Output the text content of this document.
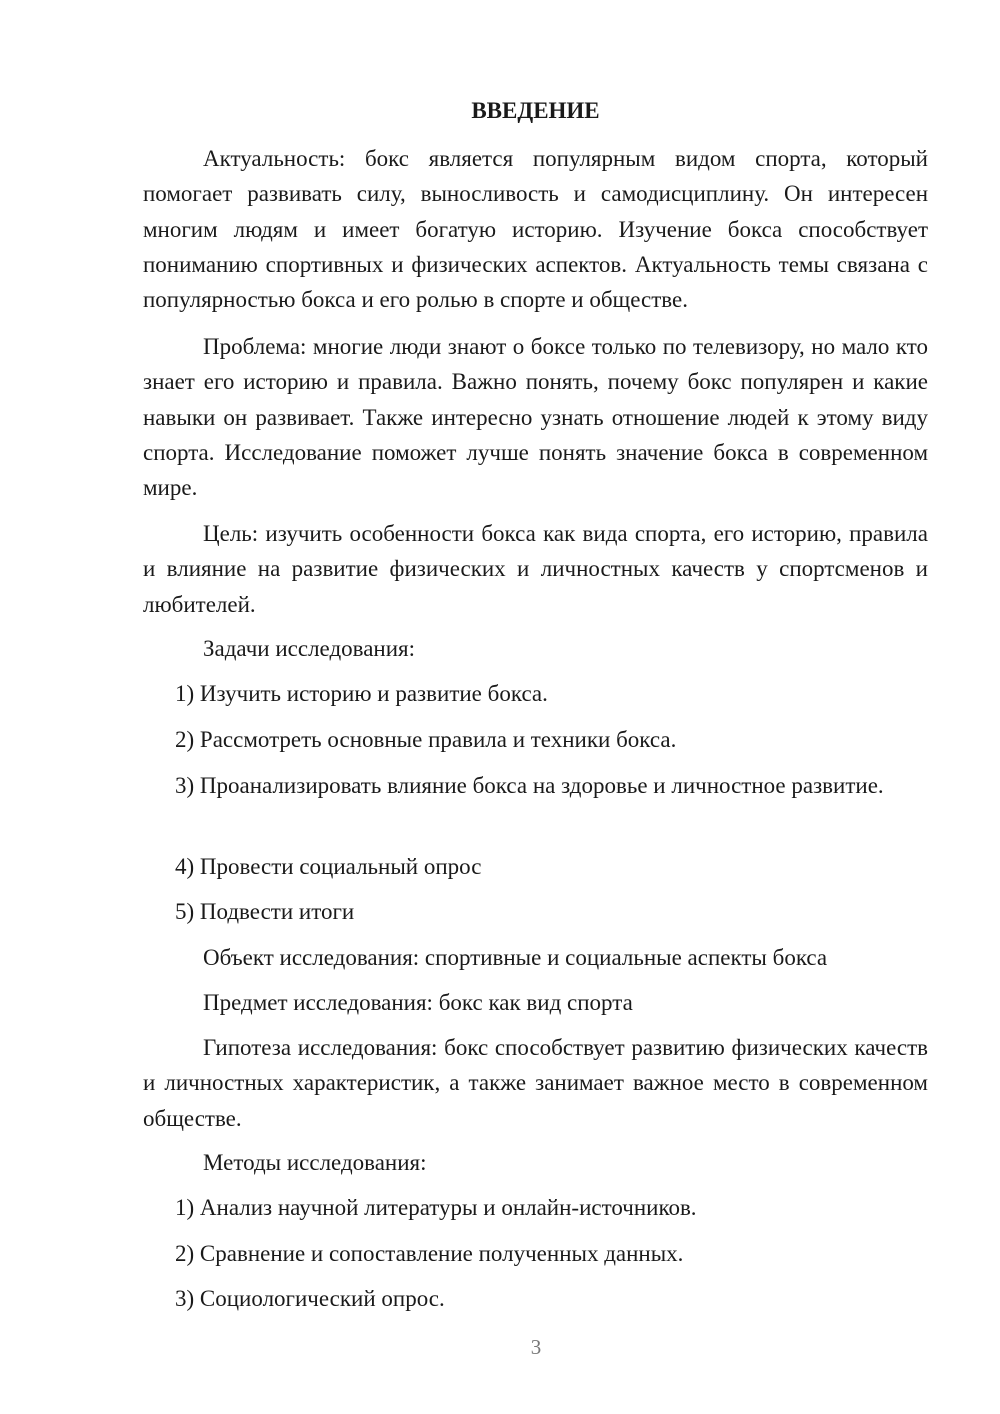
ВВЕДЕНИЕ

Актуальность: бокс является популярным видом спорта, который помогает развивать силу, выносливость и самодисциплину. Он интересен многим людям и имеет богатую историю. Изучение бокса способствует пониманию спортивных и физических аспектов. Актуальность темы связана с популярностью бокса и его ролью в спорте и обществе.

Проблема: многие люди знают о боксе только по телевизору, но мало кто знает его историю и правила. Важно понять, почему бокс популярен и какие навыки он развивает. Также интересно узнать отношение людей к этому виду спорта. Исследование поможет лучше понять значение бокса в современном мире.

Цель: изучить особенности бокса как вида спорта, его историю, правила и влияние на развитие физических и личностных качеств у спортсменов и любителей.

Задачи исследования:

1) Изучить историю и развитие бокса.

2) Рассмотреть основные правила и техники бокса.

3) Проанализировать влияние бокса на здоровье и личностное развитие.

4) Провести социальный опрос

5) Подвести итоги

Объект исследования: спортивные и социальные аспекты бокса

Предмет исследования: бокс как вид спорта

Гипотеза исследования: бокс способствует развитию физических качеств и личностных характеристик, а также занимает важное место в современном обществе.

Методы исследования:

1) Анализ научной литературы и онлайн-источников.

2) Сравнение и сопоставление полученных данных.

3) Социологический опрос.

3
